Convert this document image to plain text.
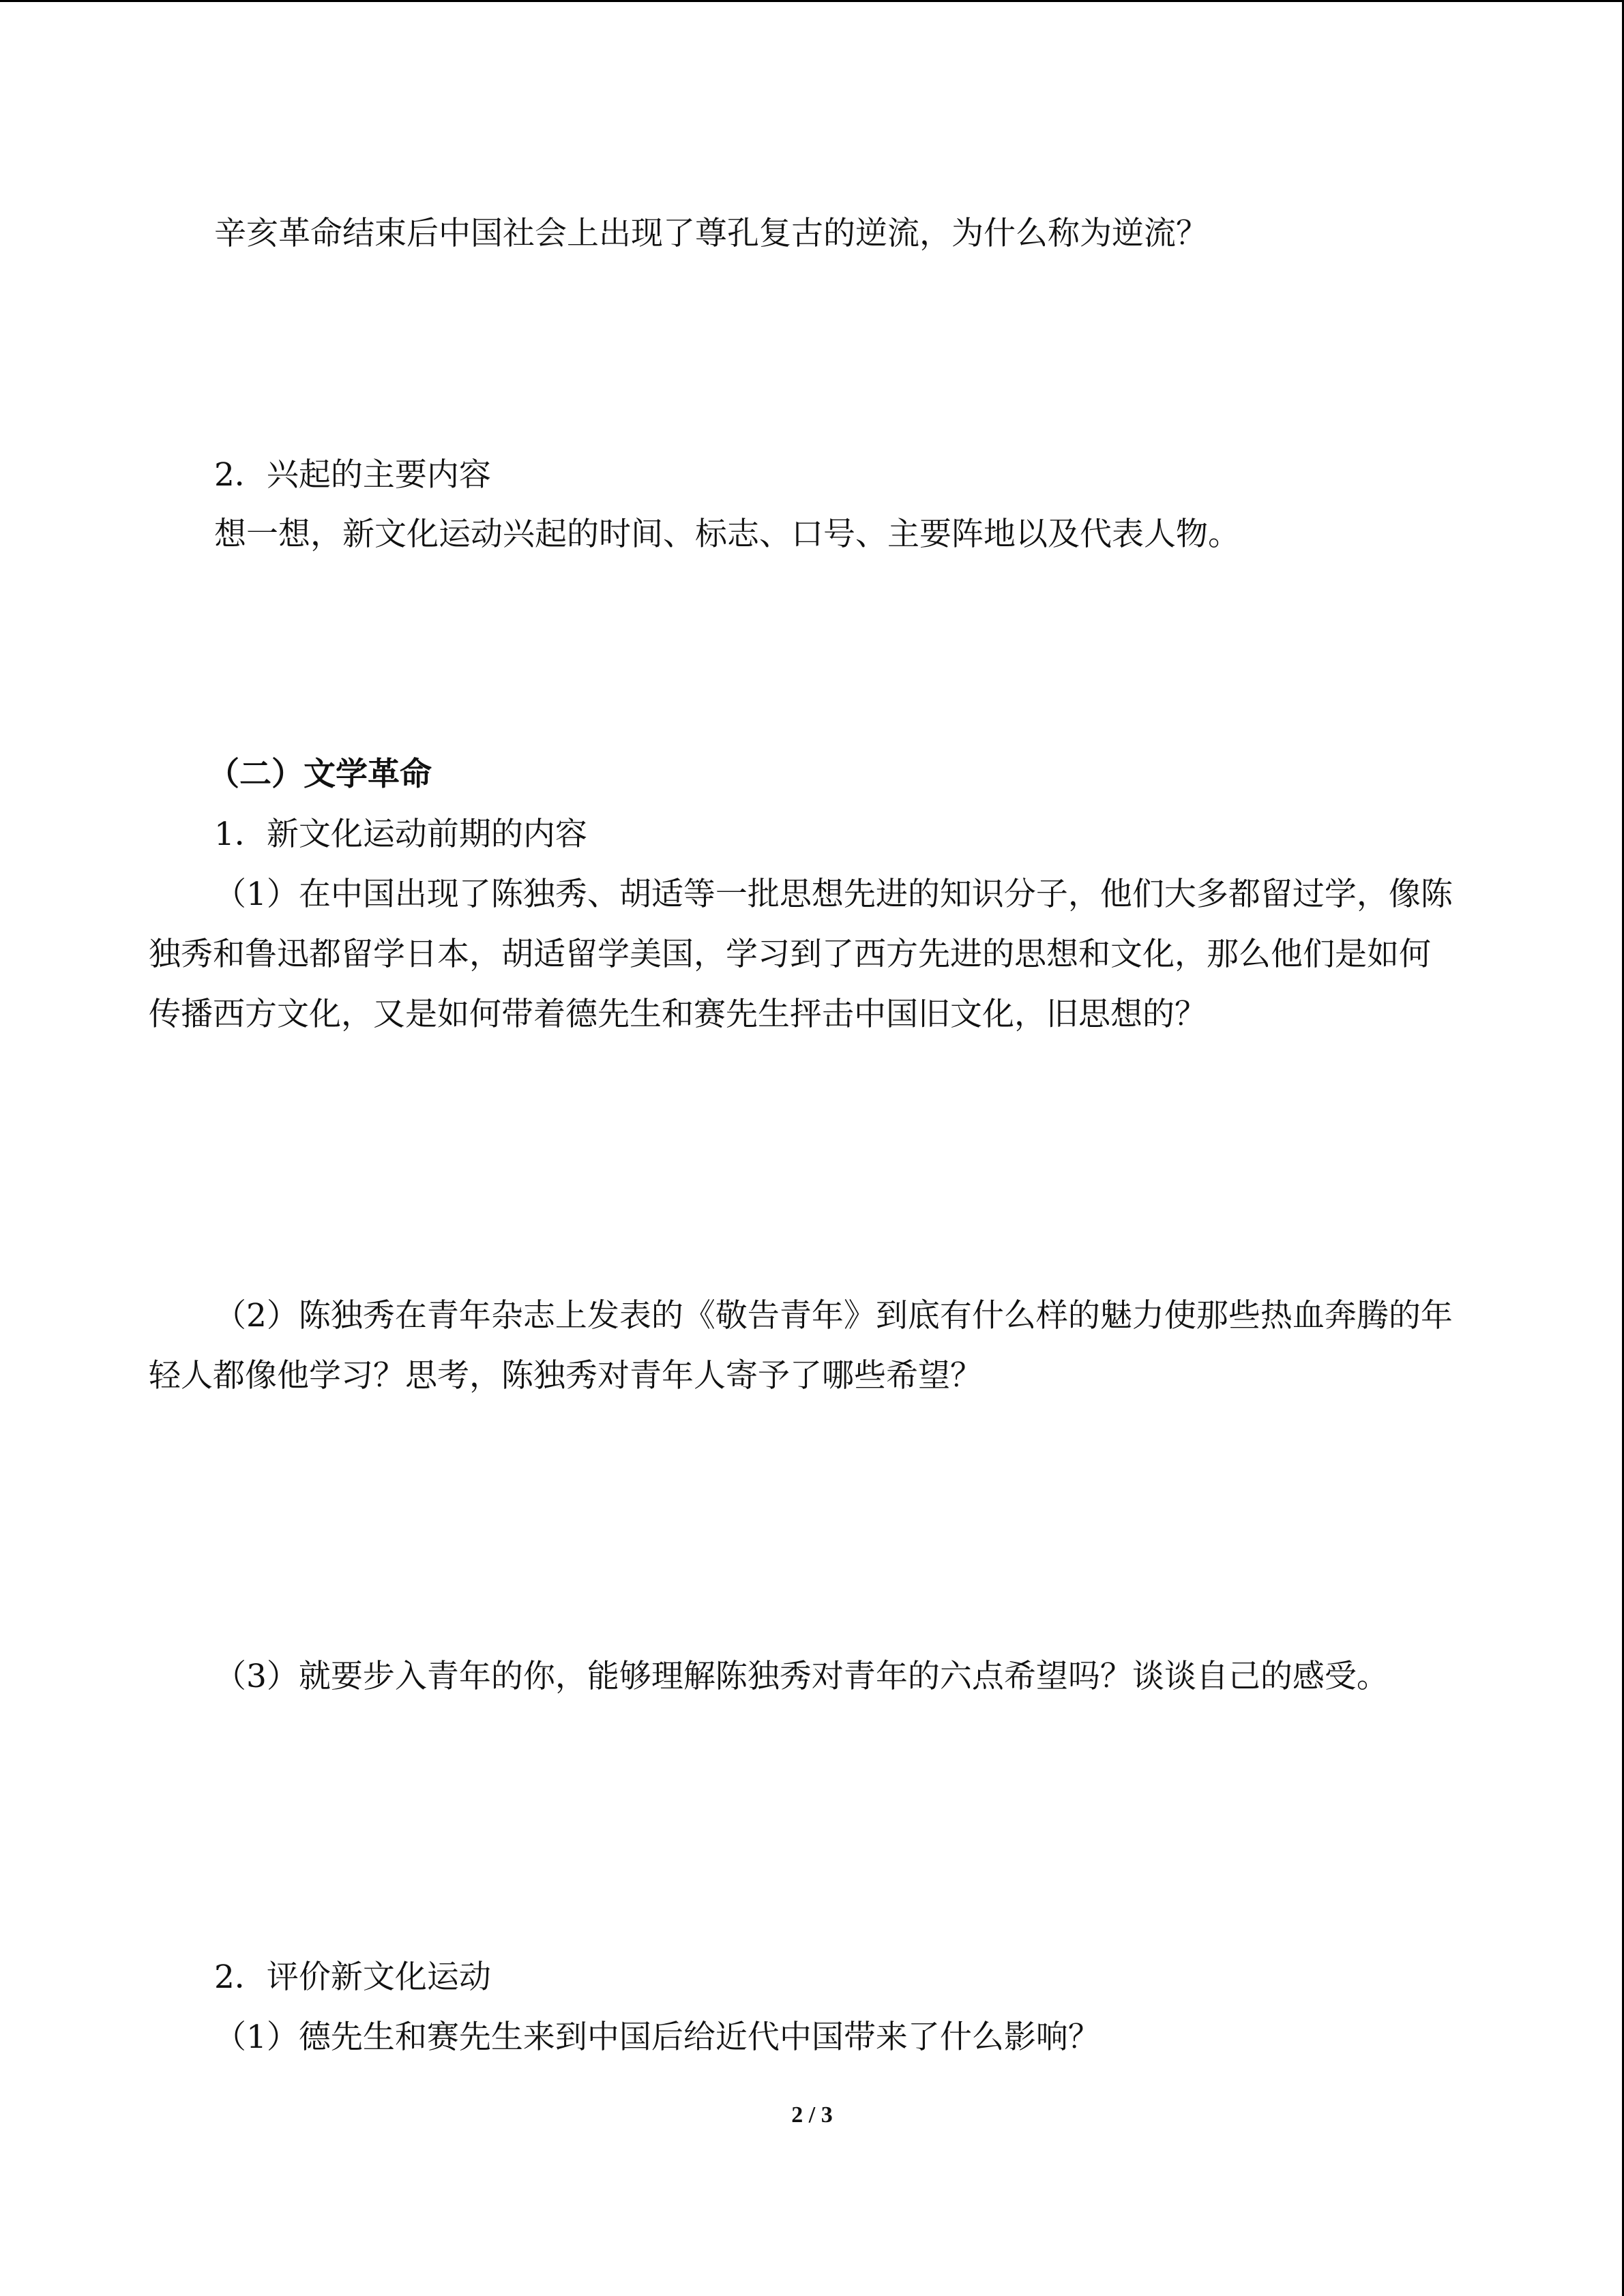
辛亥革命结束后中国社会上出现了尊孔复古的逆流，为什么称为逆流？

2．兴起的主要内容

想一想，新文化运动兴起的时间、标志、口号、主要阵地以及代表人物。

（二）文学革命

1．新文化运动前期的内容

（1）在中国出现了陈独秀、胡适等一批思想先进的知识分子，他们大多都留过学，像陈

独秀和鲁迅都留学日本，胡适留学美国，学习到了西方先进的思想和文化，那么他们是如何

传播西方文化，又是如何带着德先生和赛先生抨击中国旧文化，旧思想的？

（2）陈独秀在青年杂志上发表的《敬告青年》到底有什么样的魅力使那些热血奔腾的年

轻人都像他学习？思考，陈独秀对青年人寄予了哪些希望？

（3）就要步入青年的你，能够理解陈独秀对青年的六点希望吗？谈谈自己的感受。

2．评价新文化运动

（1）德先生和赛先生来到中国后给近代中国带来了什么影响？

2 / 3
